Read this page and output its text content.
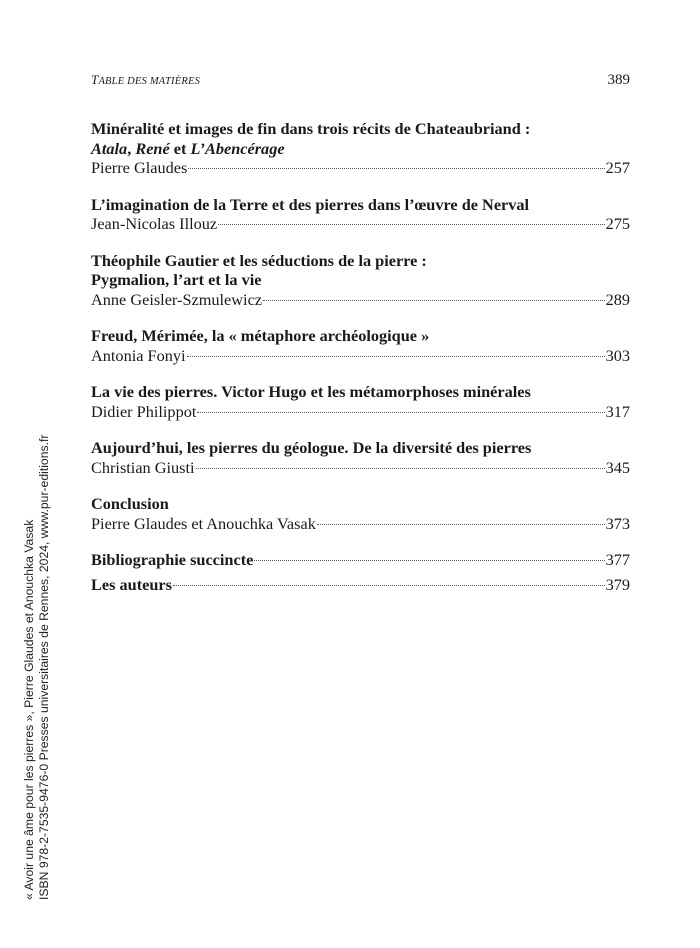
TABLE DES MATIÈRES	389
Minéralité et images de fin dans trois récits de Chateaubriand :
Atala, René et L’Abencérage
Pierre Glaudes	257
L’imagination de la Terre et des pierres dans l’œuvre de Nerval
Jean-Nicolas Illouz	275
Théophile Gautier et les séductions de la pierre :
Pygmalion, l’art et la vie
Anne Geisler-Szmulewicz	289
Freud, Mérimée, la « métaphore archéologique »
Antonia Fonyi	303
La vie des pierres. Victor Hugo et les métamorphoses minérales
Didier Philippot	317
Aujourd’hui, les pierres du géologue. De la diversité des pierres
Christian Giusti	345
Conclusion
Pierre Glaudes et Anouchka Vasak	373
Bibliographie succincte	377
Les auteurs	379
« Avoir une âme pour les pierres », Pierre Glaudes et Anouchka Vasak ISBN 978-2-7535-9476-0 Presses universitaires de Rennes, 2024, www.pur-editions.fr
